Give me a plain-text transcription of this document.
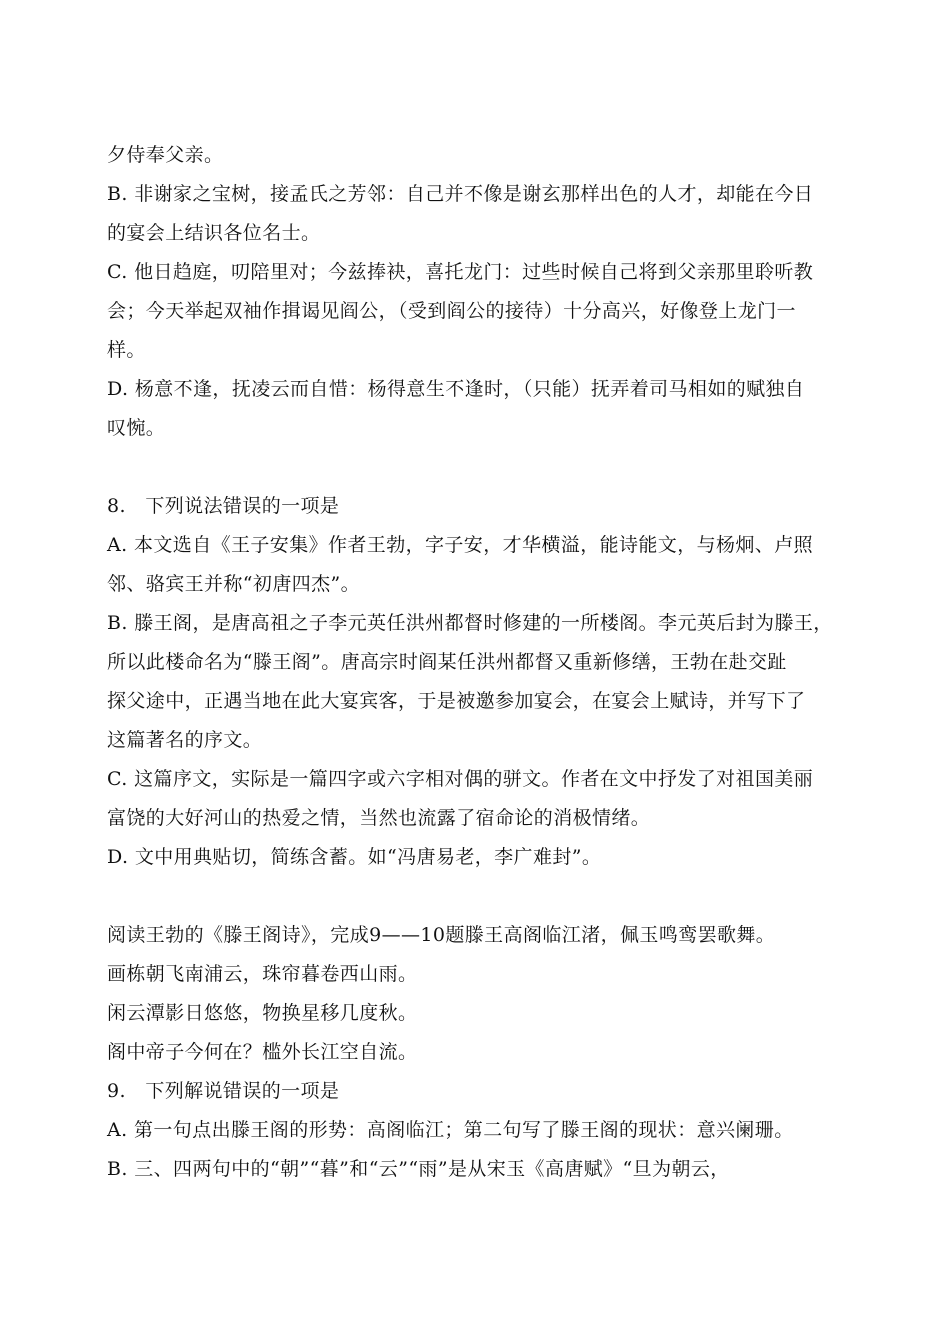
夕侍奉父亲。
B. 非谢家之宝树，接孟氏之芳邻：自己并不像是谢玄那样出色的人才，却能在今日
的宴会上结识各位名士。
C. 他日趋庭，叨陪里对；今兹捧袂，喜托龙门：过些时候自己将到父亲那里聆听教
会；今天举起双袖作揖谒见阎公，（受到阎公的接待）十分高兴，好像登上龙门一
样。
D. 杨意不逢，抚凌云而自惜：杨得意生不逢时，（只能）抚弄着司马相如的赋独自
叹惋。
8.　下列说法错误的一项是
A. 本文选自《王子安集》作者王勃，字子安，才华横溢，能诗能文，与杨炯、卢照
邻、骆宾王并称“初唐四杰”。
B. 滕王阁，是唐高祖之子李元英任洪州都督时修建的一所楼阁。李元英后封为滕王，
所以此楼命名为“滕王阁”。唐高宗时阎某任洪州都督又重新修缮，王勃在赴交趾
探父途中，正遇当地在此大宴宾客，于是被邀参加宴会，在宴会上赋诗，并写下了
这篇著名的序文。
C. 这篇序文，实际是一篇四字或六字相对偶的骈文。作者在文中抒发了对祖国美丽
富饶的大好河山的热爱之情，当然也流露了宿命论的消极情绪。
D. 文中用典贴切，简练含蓄。如“冯唐易老，李广难封”。
阅读王勃的《滕王阁诗》，完成9——10题滕王高阁临江渚，佩玉鸣鸾罢歌舞。
画栋朝飞南浦云，珠帘暮卷西山雨。
闲云潭影日悠悠，物换星移几度秋。
阁中帝子今何在？槛外长江空自流。
9.　下列解说错误的一项是
A. 第一句点出滕王阁的形势：高阁临江；第二句写了滕王阁的现状：意兴阑珊。
B. 三、四两句中的“朝”“暮”和“云”“雨”是从宋玉《高唐赋》“旦为朝云，
